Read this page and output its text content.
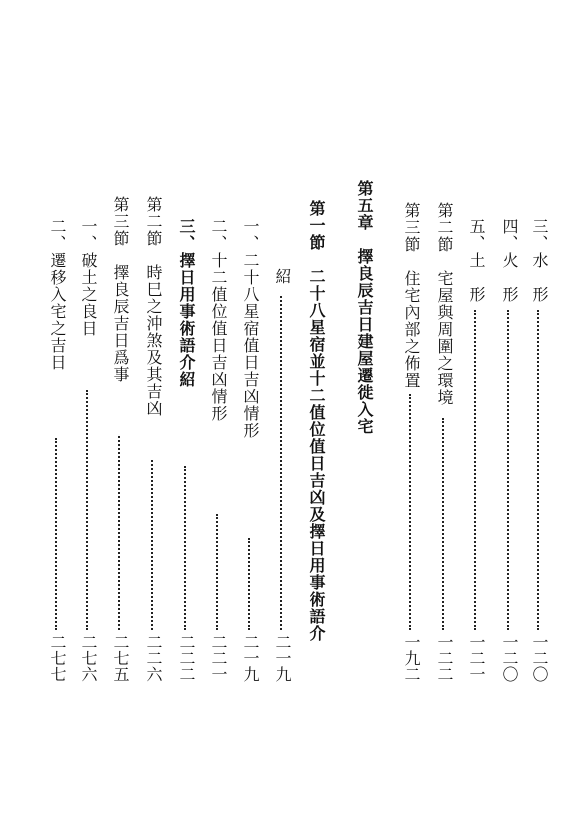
三、水　形
一二〇
四、火　形
一二〇
五、土　形
一二一
第二節　宅屋與周圍之環境
一二二
第三節　住宅內部之佈置
一九二
第五章　擇良辰吉日建屋遷徙入宅
第一節　二十八星宿並十二值位值日吉凶及擇日用事術語介
紹
二一九
一、二十八星宿值日吉凶情形
二一九
二、十二值位值日吉凶情形
二二一
三、擇日用事術語介紹
二二二
第二節　時巳之沖煞及其吉凶
二二六
第三節　擇良辰吉日爲事
二七五
一、破土之良日
二七六
二、遷移入宅之吉日
二七七
